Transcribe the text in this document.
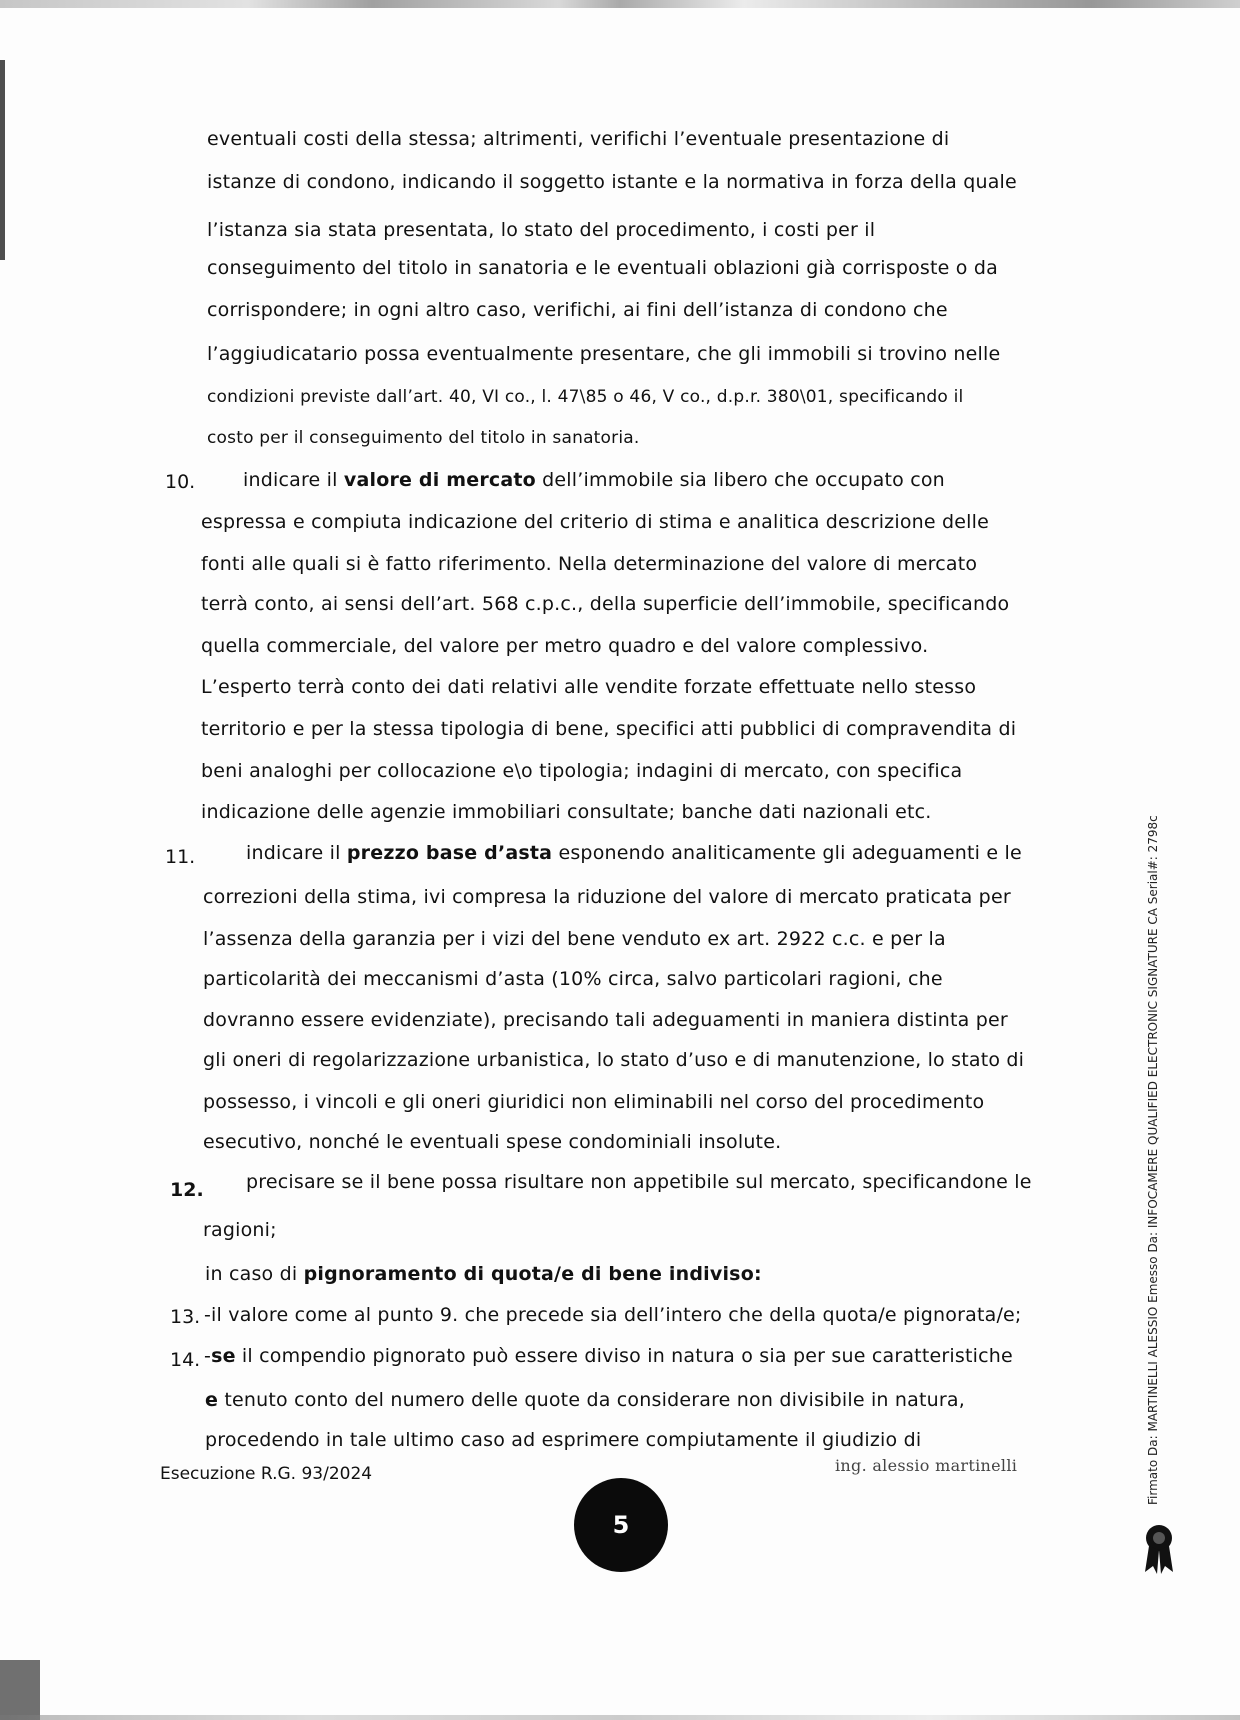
eventuali costi della stessa; altrimenti, verifichi l’eventuale presentazione di
istanze di condono, indicando il soggetto istante e la normativa in forza della quale
l’istanza sia stata presentata, lo stato del procedimento, i costi per il
conseguimento del titolo in sanatoria e le eventuali oblazioni già corrisposte o da
corrispondere; in ogni altro caso, verifichi, ai fini dell’istanza di condono che
l’aggiudicatario possa eventualmente presentare, che gli immobili si trovino nelle
condizioni previste dall’art. 40, VI co., l. 47\85 o 46, V co., d.p.r. 380\01, specificando il
costo per il conseguimento del titolo in sanatoria.
10.	indicare il valore di mercato dell’immobile sia libero che occupato con
espressa e compiuta indicazione del criterio di stima e analitica descrizione delle
fonti alle quali si è fatto riferimento. Nella determinazione del valore di mercato
terrà conto, ai sensi dell’art. 568 c.p.c., della superficie dell’immobile, specificando
quella commerciale, del valore per metro quadro e del valore complessivo.
L’esperto terrà conto dei dati relativi alle vendite forzate effettuate nello stesso
territorio e per la stessa tipologia di bene, specifici atti pubblici di compravendita di
beni analoghi per collocazione e\o tipologia; indagini di mercato, con specifica
indicazione delle agenzie immobiliari consultate; banche dati nazionali etc.
11.	indicare il prezzo base d’asta esponendo analiticamente gli adeguamenti e le
correzioni della stima, ivi compresa la riduzione del valore di mercato praticata per
l’assenza della garanzia per i vizi del bene venduto ex art. 2922 c.c. e per la
particolarità dei meccanismi d’asta (10% circa, salvo particolari ragioni, che
dovranno essere evidenziate), precisando tali adeguamenti in maniera distinta per
gli oneri di regolarizzazione urbanistica, lo stato d’uso e di manutenzione, lo stato di
possesso, i vincoli e gli oneri giuridici non eliminabili nel corso del procedimento
esecutivo, nonché le eventuali spese condominiali insolute.
12. precisare se il bene possa risultare non appetibile sul mercato, specificandone le
ragioni;
in caso di pignoramento di quota/e di bene indiviso:
13. -il valore come al punto 9. che precede sia dell’intero che della quota/e pignorata/e;
14. -se il compendio pignorato può essere diviso in natura o sia per sue caratteristiche
e tenuto conto del numero delle quote da considerare non divisibile in natura,
procedendo in tale ultimo caso ad esprimere compiutamente il giudizio di
Esecuzione R.G. 93/2024	ing. alessio martinelli
5
Firmato Da: MARTINELLI ALESSIO Emesso Da: INFOCAMERE QUALIFIED ELECTRONIC SIGNATURE CA Serial#: 2798c
